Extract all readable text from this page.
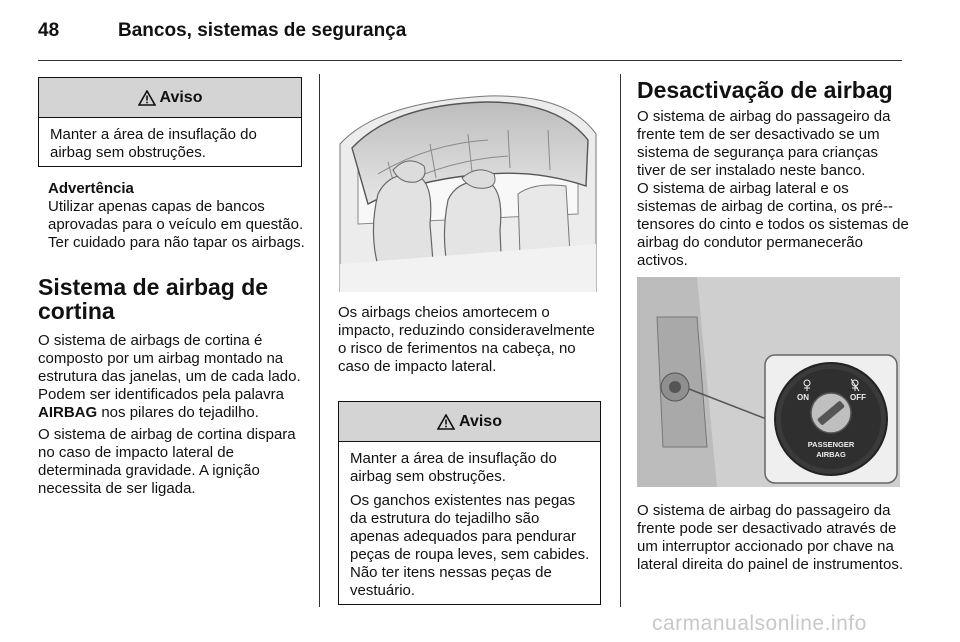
48	Bancos, sistemas de segurança
Aviso

Manter a área de insuflação do airbag sem obstruções.

Advertência
Utilizar apenas capas de bancos aprovadas para o veículo em questão. Ter cuidado para não tapar os airbags.
Sistema de airbag de cortina

O sistema de airbags de cortina é composto por um airbag montado na estrutura das janelas, um de cada lado. Podem ser identificados pela palavra AIRBAG nos pilares do tejadilho.

O sistema de airbag de cortina dispara no caso de impacto lateral de determinada gravidade. A ignição necessita de ser ligada.

Os airbags cheios amortecem o impacto, reduzindo consideravelmente o risco de ferimentos na cabeça, no caso de impacto lateral.
Aviso

Manter a área de insuflação do airbag sem obstruções.

Os ganchos existentes nas pegas da estrutura do tejadilho são apenas adequados para pendurar peças de roupa leves, sem cabides. Não ter itens nessas peças de vestuário.

Desactivação de airbag
O sistema de airbag do passageiro da frente tem de ser desactivado se um sistema de segurança para crianças tiver de ser instalado neste banco.
O sistema de airbag lateral e os sistemas de airbag de cortina, os pré--tensores do cinto e todos os sistemas de airbag do condutor permanecerão activos.
ON	OFF
PASSENGER
AIRBAG
O sistema de airbag do passageiro da frente pode ser desactivado através de um interruptor accionado por chave na lateral direita do painel de instrumentos.
carmanualsonline.info
